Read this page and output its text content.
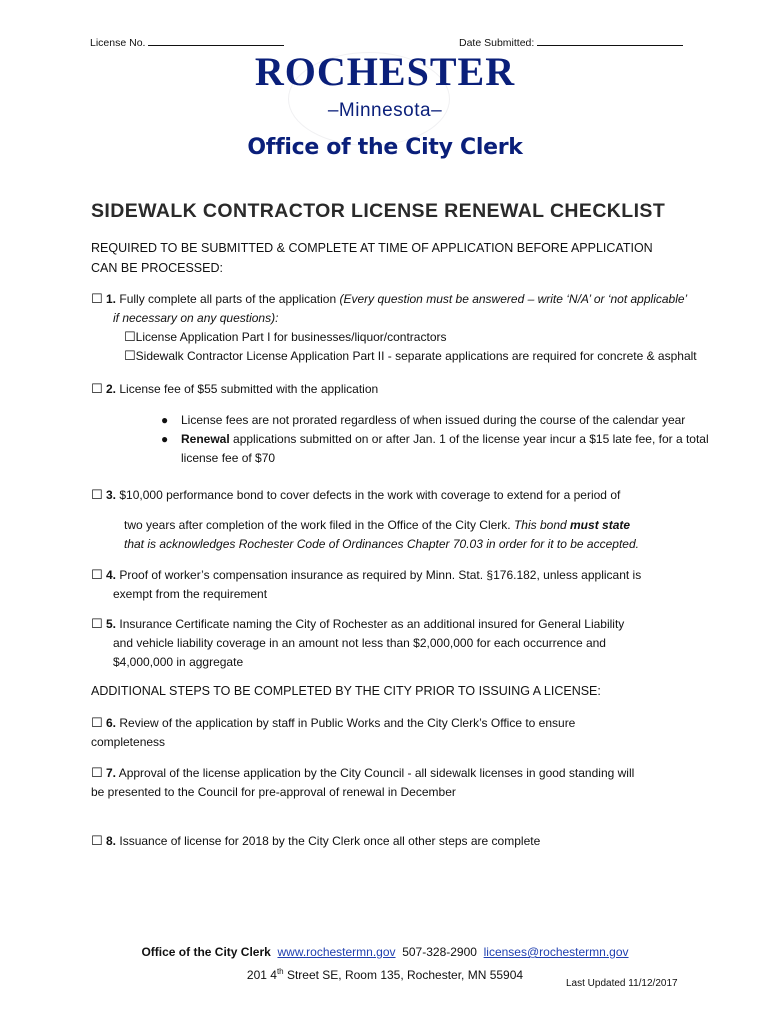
License No.	Date Submitted:
ROCHESTER
–Minnesota–
Office of the City Clerk
SIDEWALK CONTRACTOR LICENSE RENEWAL CHECKLIST
REQUIRED TO BE SUBMITTED & COMPLETE AT TIME OF APPLICATION BEFORE APPLICATION
CAN BE PROCESSED:
☐ 1. Fully complete all parts of the application (Every question must be answered – write ‘N/A’ or ‘not applicable’
if necessary on any questions):
☐License Application Part I for businesses/liquor/contractors
☐Sidewalk Contractor License Application Part II - separate applications are required for concrete & asphalt
☐ 2. License fee of $55 submitted with the application
● License fees are not prorated regardless of when issued during the course of the calendar year
● Renewal applications submitted on or after Jan. 1 of the license year incur a $15 late fee, for a total
license fee of $70
☐ 3. $10,000 performance bond to cover defects in the work with coverage to extend for a period of
two years after completion of the work filed in the Office of the City Clerk. This bond must state
that is acknowledges Rochester Code of Ordinances Chapter 70.03 in order for it to be accepted.
☐ 4. Proof of worker’s compensation insurance as required by Minn. Stat. §176.182, unless applicant is
exempt from the requirement
☐ 5. Insurance Certificate naming the City of Rochester as an additional insured for General Liability
and vehicle liability coverage in an amount not less than $2,000,000 for each occurrence and
$4,000,000 in aggregate
ADDITIONAL STEPS TO BE COMPLETED BY THE CITY PRIOR TO ISSUING A LICENSE:
☐ 6. Review of the application by staff in Public Works and the City Clerk’s Office to ensure
completeness
☐ 7. Approval of the license application by the City Council - all sidewalk licenses in good standing will
be presented to the Council for pre-approval of renewal in December
☐ 8. Issuance of license for 2018 by the City Clerk once all other steps are complete
Office of the City Clerk www.rochestermn.gov 507-328-2900 licenses@rochestermn.gov
201 4th Street SE, Room 135, Rochester, MN 55904
Last Updated 11/12/2017
